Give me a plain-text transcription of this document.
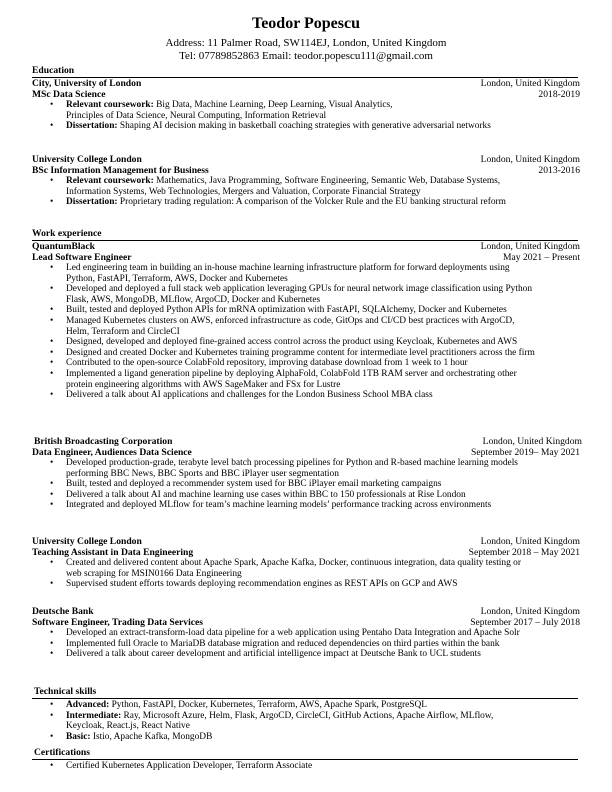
Teodor Popescu
Address: 11 Palmer Road, SW114EJ, London, United Kingdom
Tel: 07789852863 Email: teodor.popescu111@gmail.com
Education
City, University of London	London, United Kingdom
MSc Data Science	2018-2019
• Relevant coursework: Big Data, Machine Learning, Deep Learning, Visual Analytics,
Principles of Data Science, Neural Computing, Information Retrieval
• Dissertation: Shaping AI decision making in basketball coaching strategies with generative adversarial networks
University College London	London, United Kingdom
BSc Information Management for Business	2013-2016
• Relevant coursework: Mathematics, Java Programming, Software Engineering, Semantic Web, Database Systems,
Information Systems, Web Technologies, Mergers and Valuation, Corporate Financial Strategy
• Dissertation: Proprietary trading regulation: A comparison of the Volcker Rule and the EU banking structural reform
Work experience
QuantumBlack	London, United Kingdom
Lead Software Engineer	May 2021 – Present
• Led engineering team in building an in-house machine learning infrastructure platform for forward deployments using
Python, FastAPI, Terraform, AWS, Docker and Kubernetes
• Developed and deployed a full stack web application leveraging GPUs for neural network image classification using Python
Flask, AWS, MongoDB, MLflow, ArgoCD, Docker and Kubernetes
• Built, tested and deployed Python APIs for mRNA optimization with FastAPI, SQLAlchemy, Docker and Kubernetes
• Managed Kubernetes clusters on AWS, enforced infrastructure as code, GitOps and CI/CD best practices with ArgoCD,
Helm, Terraform and CircleCI
• Designed, developed and deployed fine-grained access control across the product using Keycloak, Kubernetes and AWS
• Designed and created Docker and Kubernetes training programme content for intermediate level practitioners across the firm
• Contributed to the open-source ColabFold repository, improving database download from 1 week to 1 hour
• Implemented a ligand generation pipeline by deploying AlphaFold, ColabFold 1TB RAM server and orchestrating other
protein engineering algorithms with AWS SageMaker and FSx for Lustre
• Delivered a talk about AI applications and challenges for the London Business School MBA class
British Broadcasting Corporation	London, United Kingdom
Data Engineer, Audiences Data Science	September 2019– May 2021
• Developed production-grade, terabyte level batch processing pipelines for Python and R-based machine learning models
performing BBC News, BBC Sports and BBC iPlayer user segmentation
• Built, tested and deployed a recommender system used for BBC iPlayer email marketing campaigns
• Delivered a talk about AI and machine learning use cases within BBC to 150 professionals at Rise London
• Integrated and deployed MLflow for team’s machine learning models’ performance tracking across environments
University College London	London, United Kingdom
Teaching Assistant in Data Engineering	September 2018 – May 2021
• Created and delivered content about Apache Spark, Apache Kafka, Docker, continuous integration, data quality testing or
web scraping for MSIN0166 Data Engineering
• Supervised student efforts towards deploying recommendation engines as REST APIs on GCP and AWS
Deutsche Bank	London, United Kingdom
Software Engineer, Trading Data Services	September 2017 – July 2018
• Developed an extract-transform-load data pipeline for a web application using Pentaho Data Integration and Apache Solr
• Implemented full Oracle to MariaDB database migration and reduced dependencies on third parties within the bank
• Delivered a talk about career development and artificial intelligence impact at Deutsche Bank to UCL students
Technical skills
• Advanced: Python, FastAPI, Docker, Kubernetes, Terraform, AWS, Apache Spark, PostgreSQL
• Intermediate: Ray, Microsoft Azure, Helm, Flask, ArgoCD, CircleCI, GitHub Actions, Apache Airflow, MLflow,
Keycloak, React.js, React Native
• Basic: Istio, Apache Kafka, MongoDB
Certifications
• Certified Kubernetes Application Developer, Terraform Associate
